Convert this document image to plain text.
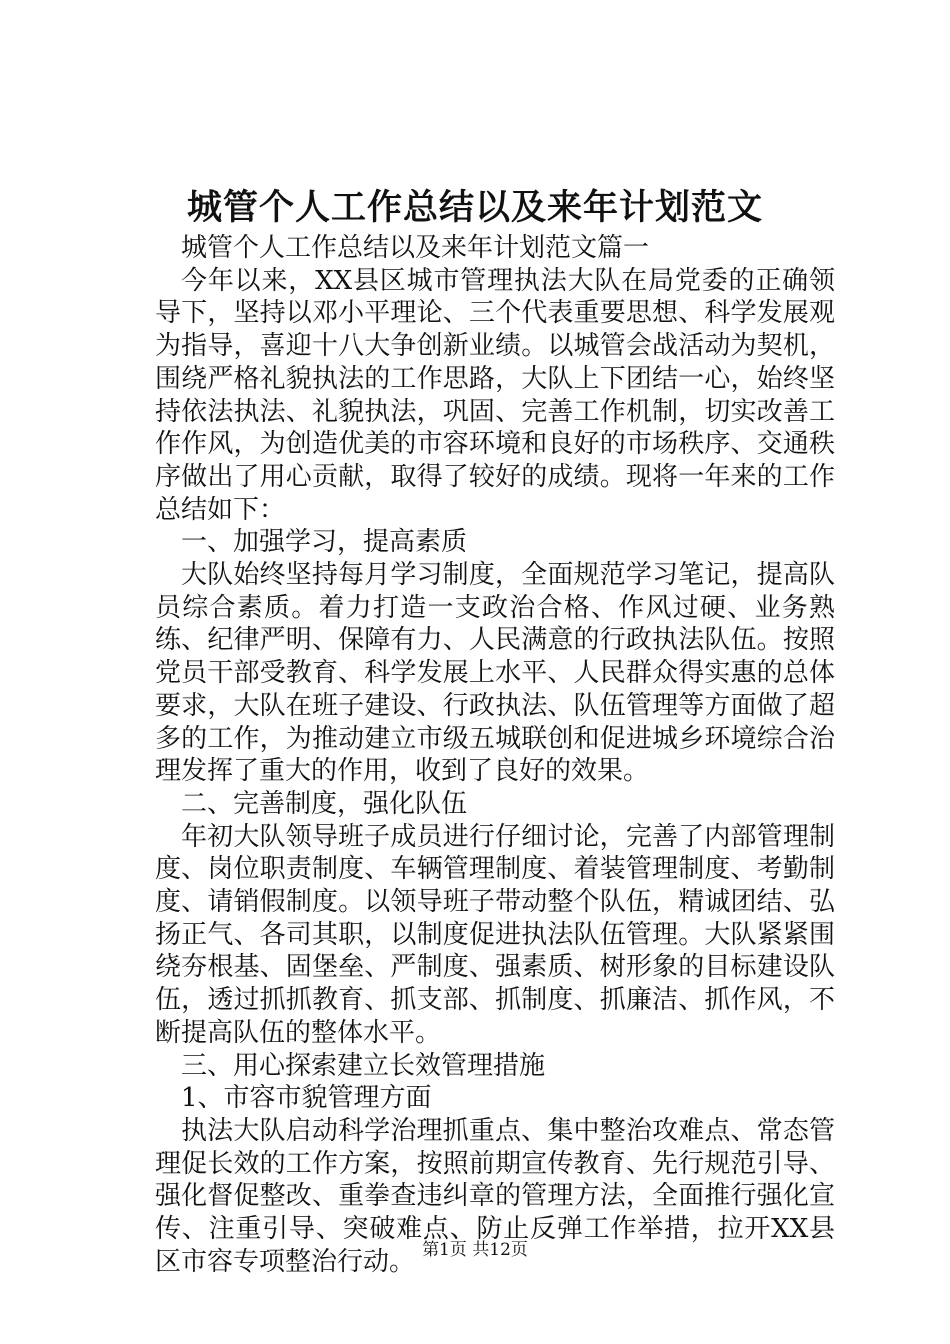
城管个人工作总结以及来年计划范文

城管个人工作总结以及来年计划范文篇一

今年以来，XX县区城市管理执法大队在局党委的正确领导下，坚持以邓小平理论、三个代表重要思想、科学发展观为指导，喜迎十八大争创新业绩。以城管会战活动为契机，围绕严格礼貌执法的工作思路，大队上下团结一心，始终坚持依法执法、礼貌执法，巩固、完善工作机制，切实改善工作作风，为创造优美的市容环境和良好的市场秩序、交通秩序做出了用心贡献，取得了较好的成绩。现将一年来的工作总结如下：

一、加强学习，提高素质

大队始终坚持每月学习制度，全面规范学习笔记，提高队员综合素质。着力打造一支政治合格、作风过硬、业务熟练、纪律严明、保障有力、人民满意的行政执法队伍。按照党员干部受教育、科学发展上水平、人民群众得实惠的总体要求，大队在班子建设、行政执法、队伍管理等方面做了超多的工作，为推动建立市级五城联创和促进城乡环境综合治理发挥了重大的作用，收到了良好的效果。

二、完善制度，强化队伍

年初大队领导班子成员进行仔细讨论，完善了内部管理制度、岗位职责制度、车辆管理制度、着装管理制度、考勤制度、请销假制度。以领导班子带动整个队伍，精诚团结、弘扬正气、各司其职，以制度促进执法队伍管理。大队紧紧围绕夯根基、固堡垒、严制度、强素质、树形象的目标建设队伍，透过抓抓教育、抓支部、抓制度、抓廉洁、抓作风，不断提高队伍的整体水平。

三、用心探索建立长效管理措施

1、市容市貌管理方面

执法大队启动科学治理抓重点、集中整治攻难点、常态管理促长效的工作方案，按照前期宣传教育、先行规范引导、强化督促整改、重拳查违纠章的管理方法，全面推行强化宣传、注重引导、突破难点、防止反弹工作举措，拉开XX县区市容专项整治行动。 第1页 共12页
